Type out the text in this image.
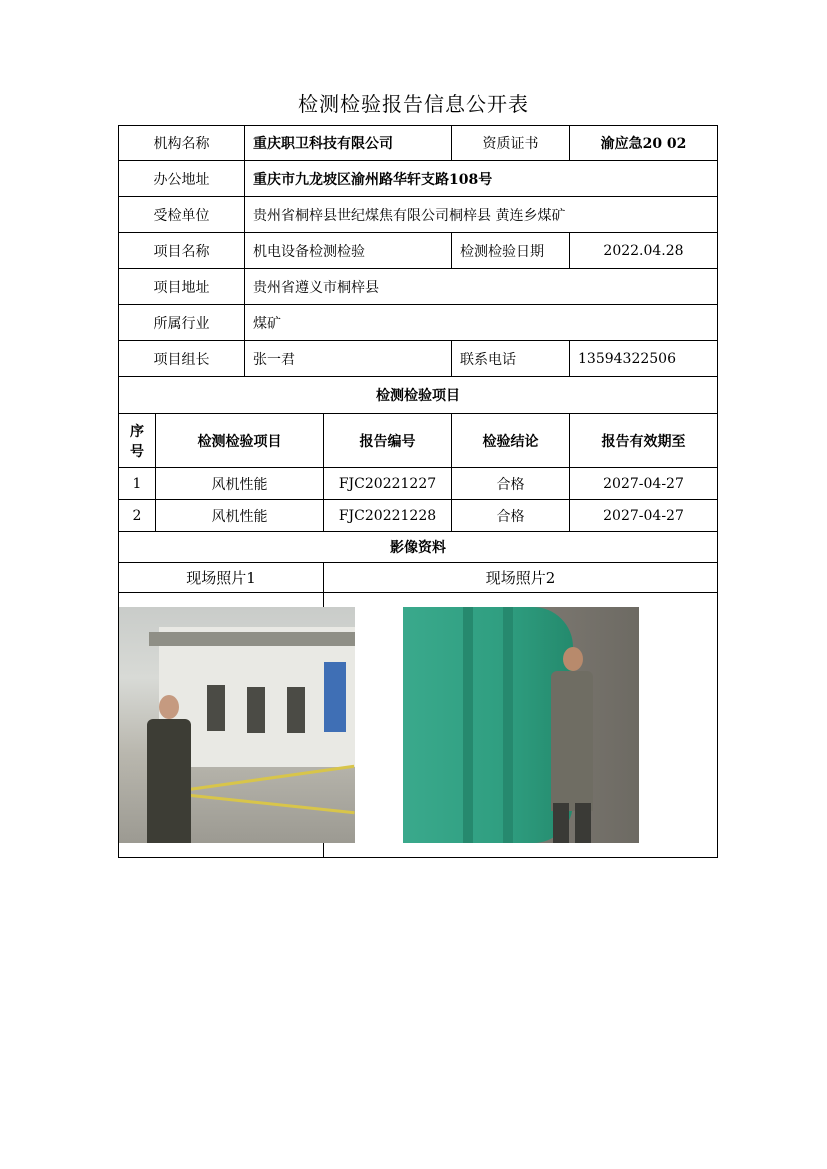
检测检验报告信息公开表
机构名称		重庆职卫科技有限公司		资质证书	渝应急20 02
办公地址		重庆市九龙坡区渝州路华轩支路108号			
受检单位		贵州省桐梓县世纪煤焦有限公司桐梓县 黄连乡煤矿			
项目名称		机电设备检测检验		检测检验日期	2022.04.28
项目地址		贵州省遵义市桐梓县			
所属行业		煤矿			
项目组长		张一君		联系电话	13594322506
检测检验项目					

序
号	检测检验项目		报告编号	检验结论	报告有效期至
1	风机性能		FJC20221227	合格	2027-04-27
2	风机性能		FJC20221228	合格	2027-04-27
影像资料					
现场照片1			现场照片2		
